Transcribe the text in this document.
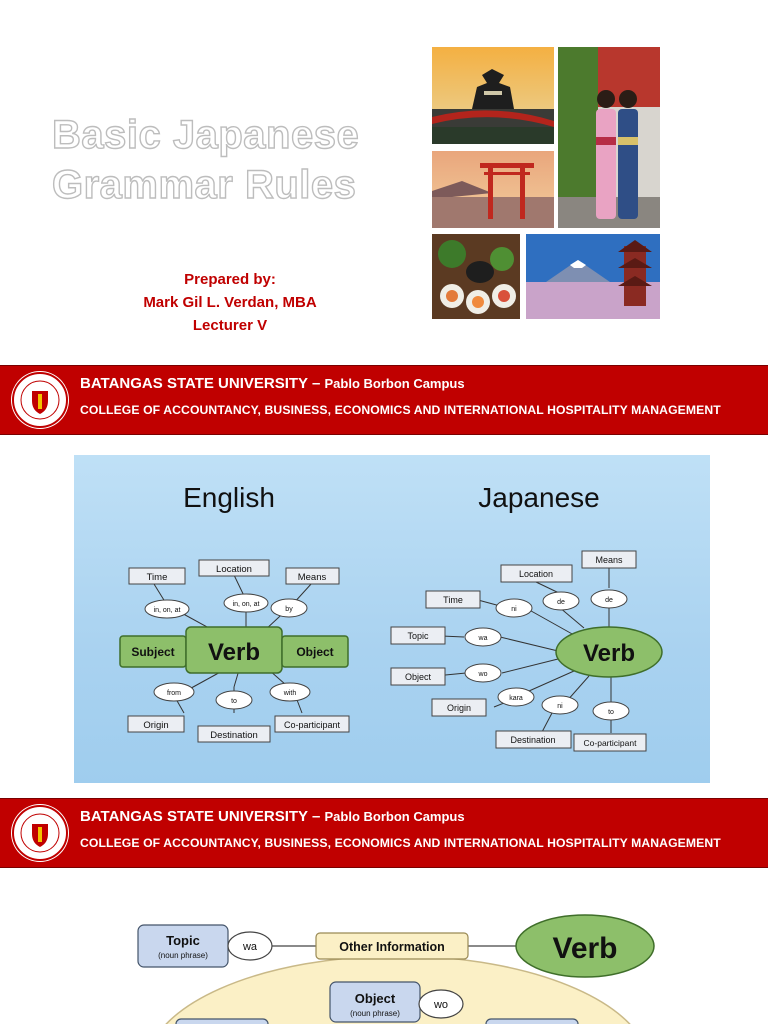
Basic Japanese
Grammar Rules
Prepared by:
Mark Gil L. Verdan, MBA
Lecturer V
BATANGAS STATE UNIVERSITY – Pablo Borbon Campus
COLLEGE OF ACCOUNTANCY, BUSINESS, ECONOMICS AND INTERNATIONAL HOSPITALITY MANAGEMENT
English
Time
Location
Means
in, on, at
in, on, at
by
Subject Verb	Object
from
to
with
Origin
Destination
Co-participant
Japanese
Means
Location
Time
Topic
Object
Origin
Destination	Co-participant
de
de
ni
wa
wo
kara
ni
to
Verb
BATANGAS STATE UNIVERSITY – Pablo Borbon Campus
COLLEGE OF ACCOUNTANCY, BUSINESS, ECONOMICS AND INTERNATIONAL HOSPITALITY MANAGEMENT
Topic
(noun phrase)
wa	Other Information	Verb
Object
(noun phrase)
wo
